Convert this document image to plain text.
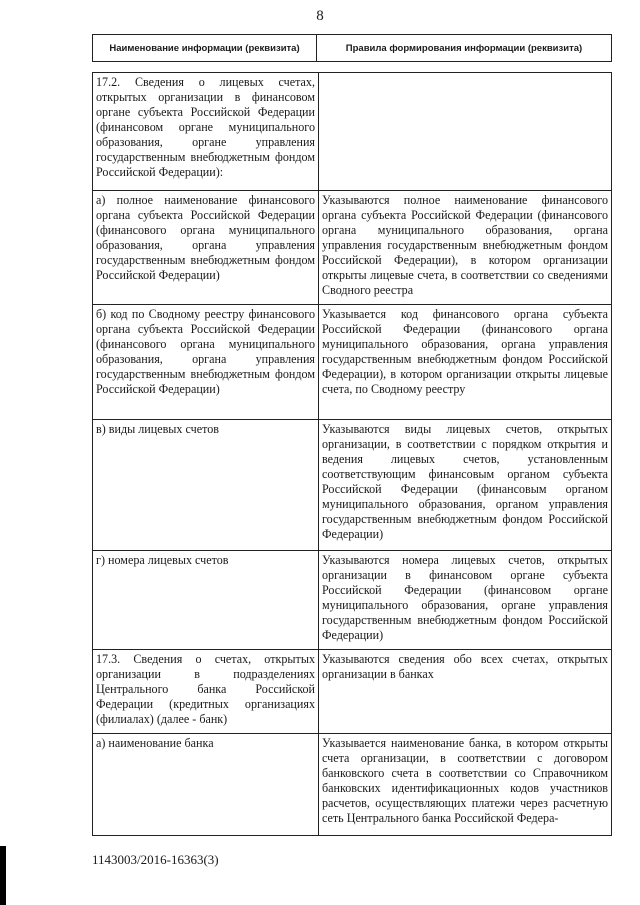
8
Наименование информации (реквизита)	Правила формирования информации (реквизита)
17.2. Сведения о лицевых счетах, открытых организации в финансовом органе субъекта Российской Федерации (финансовом органе муниципального образования, органе управления государственным внебюджетным фондом Российской Федерации):	
а) полное наименование финансового органа субъекта Российской Федерации (финансового органа муниципального образования, органа управления государственным внебюджетным фондом Российской Федерации)	Указываются полное наименование финансового органа субъекта Российской Федерации (финансового органа муниципального образования, органа управления государственным внебюджетным фондом Российской Федерации), в котором организации открыты лицевые счета, в соответствии со сведениями Сводного реестра
б) код по Сводному реестру финансового органа субъекта Российской Федерации (финансового органа муниципального образования, органа управления государственным внебюджетным фондом Российской Федерации)	Указывается код финансового органа субъекта Российской Федерации (финансового органа муниципального образования, органа управления государственным внебюджетным фондом Российской Федерации), в котором организации открыты лицевые счета, по Сводному реестру
в) виды лицевых счетов	Указываются виды лицевых счетов, открытых организации, в соответствии с порядком открытия и ведения лицевых счетов, установленным соответствующим финансовым органом субъекта Российской Федерации (финансовым органом муниципального образования, органом управления государственным внебюджетным фондом Российской Федерации)
г) номера лицевых счетов	Указываются номера лицевых счетов, открытых организации в финансовом органе субъекта Российской Федерации (финансовом органе муниципального образования, органе управления государственным внебюджетным фондом Российской Федерации)
17.3. Сведения о счетах, открытых организации в подразделениях Центрального банка Российской Федерации (кредитных организациях (филиалах) (далее - банк)	Указываются сведения обо всех счетах, открытых организации в банках
а) наименование банка	Указывается наименование банка, в котором открыты счета организации, в соответствии с договором банковского счета в соответствии со Справочником банковских идентификационных кодов участников расчетов, осуществляющих платежи через расчетную сеть Центрального банка Российской Федера-
1143003/2016-16363(3)
